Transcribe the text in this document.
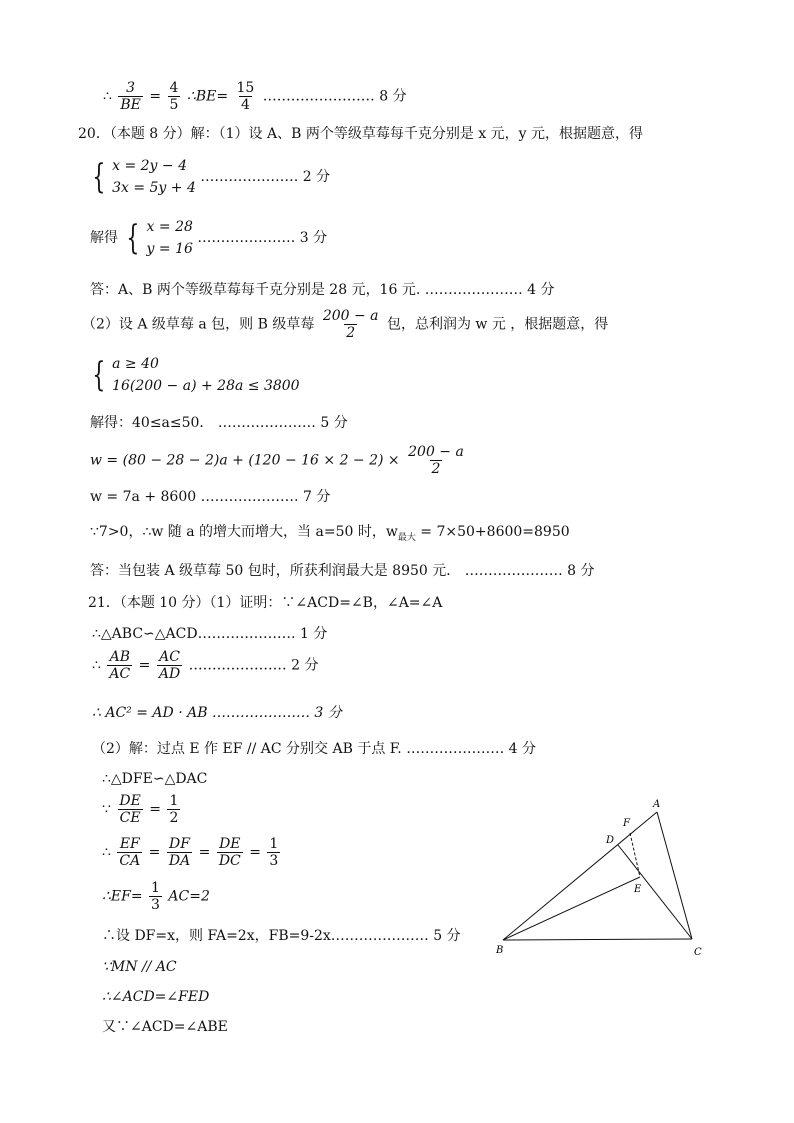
∴ $\frac{3}{BE} = \frac{4}{5}$ ∴BE= $\frac{15}{4}$ …………………… 8 分
20．（本题 8 分）解：（1）设 A、B 两个等级草莓每千克分别是 x 元，y 元，根据题意，得
{ x = 2y − 4
3x = 5y + 4
………………… 2 分
解得 { x = 28
y = 16
………………… 3 分
答：A、B 两个等级草莓每千克分别是 28 元，16 元. ………………… 4 分
（2）设 A 级草莓 a 包，则 B 级草莓 $\frac{200 - a}{2}$ 包，总利润为 w 元 ，根据题意，得
{ a ≥ 40
16(200 − a) + 28a ≤ 3800
解得：40≤a≤50． ………………… 5 分
$w = (80 - 28 - 2)a + (120 - 16 \times 2 - 2) \times \frac{200 - a}{2}$
w = 7a + 8600 ………………… 7 分
∵7>0，∴w 随 a 的增大而增大，当 a=50 时，$w_{最大} = 7\times 50+8600=8950$
答：当包装 A 级草莓 50 包时，所获利润最大是 8950 元． ………………… 8 分
21．（本题 10 分）（1）证明：∵∠ACD=∠B，∠A=∠A
∴△ABC∽△ACD………………… 1 分
∴ $\frac{AB}{AC} = \frac{AC}{AD}$ ………………… 2 分
∴ AC² = AD · AB ………………… 3 分
（2）解：过点 E 作 EF // AC 分别交 AB 于点 F. ………………… 4 分
∴△DFE∽△DAC
∵ $\frac{DE}{CE} = \frac{1}{2}$
∴ $\frac{EF}{CA} = \frac{DF}{DA} = \frac{DE}{DC} = \frac{1}{3}$
∴EF= $\frac{1}{3} AC=2$
∴设 DF=x，则 FA=2x，FB=9-2x………………… 5 分
∵MN // AC
∴∠ACD=∠FED
又∵∠ACD=∠ABE
A
B	C
D
E
F
